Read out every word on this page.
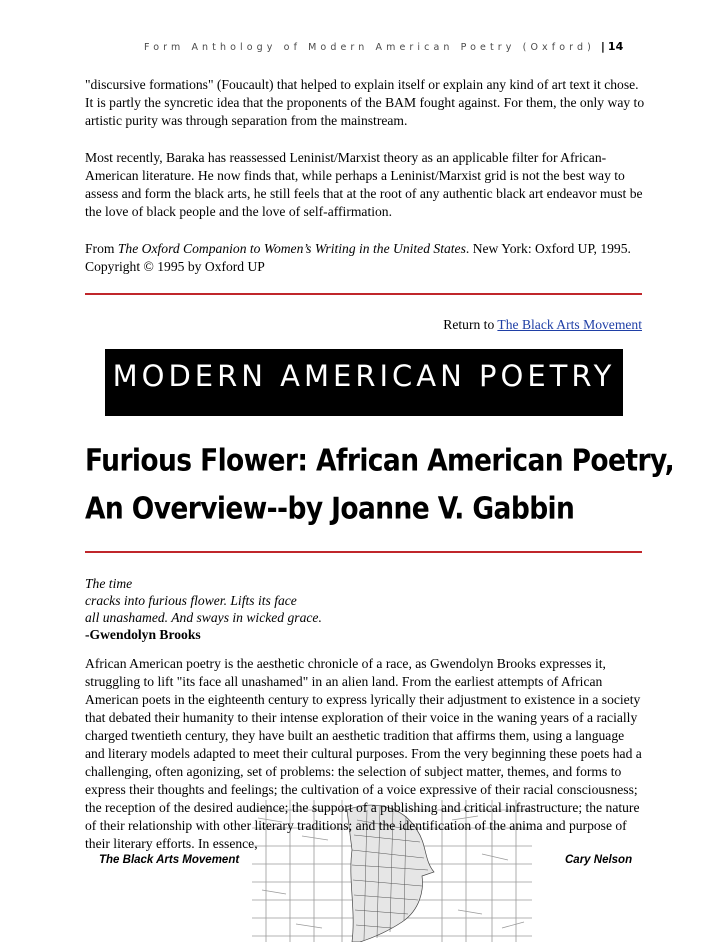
Form Anthology of Modern American Poetry (Oxford) | 14

"discursive formations" (Foucault) that helped to explain itself or explain any kind of art text it chose. It is partly the syncretic idea that the proponents of the BAM fought against. For them, the only way to artistic purity was through separation from the mainstream.

Most recently, Baraka has reassessed Leninist/Marxist theory as an applicable filter for African-American literature. He now finds that, while perhaps a Leninist/Marxist grid is not the best way to assess and form the black arts, he still feels that at the root of any authentic black art endeavor must be the love of black people and the love of self-affirmation.

From The Oxford Companion to Women’s Writing in the United States. New York: Oxford UP, 1995. Copyright © 1995 by Oxford UP

Return to The Black Arts Movement
MODERN AMERICAN POETRY
Furious Flower: African American Poetry,
An Overview--by Joanne V. Gabbin
The time
cracks into furious flower. Lifts its face
all unashamed. And sways in wicked grace.
-Gwendolyn Brooks

African American poetry is the aesthetic chronicle of a race, as Gwendolyn Brooks expresses it, struggling to lift "its face all unashamed" in an alien land. From the earliest attempts of African American poets in the eighteenth century to express lyrically their adjustment to existence in a society that debated their humanity to their intense exploration of their voice in the waning years of a racially charged twentieth century, they have built an aesthetic tradition that affirms them, using a language and literary models adapted to meet their cultural purposes. From the very beginning these poets had a challenging, often agonizing, set of problems: the selection of subject matter, themes, and forms to express their thoughts and feelings; the cultivation of a voice expressive of their racial consciousness; the reception of the desired audience; the support of a publishing and critical infrastructure; the nature of their relationship with other literary traditions; and the identification of the anima and purpose of their literary efforts. In essence,

The Black Arts Movement	Cary Nelson
